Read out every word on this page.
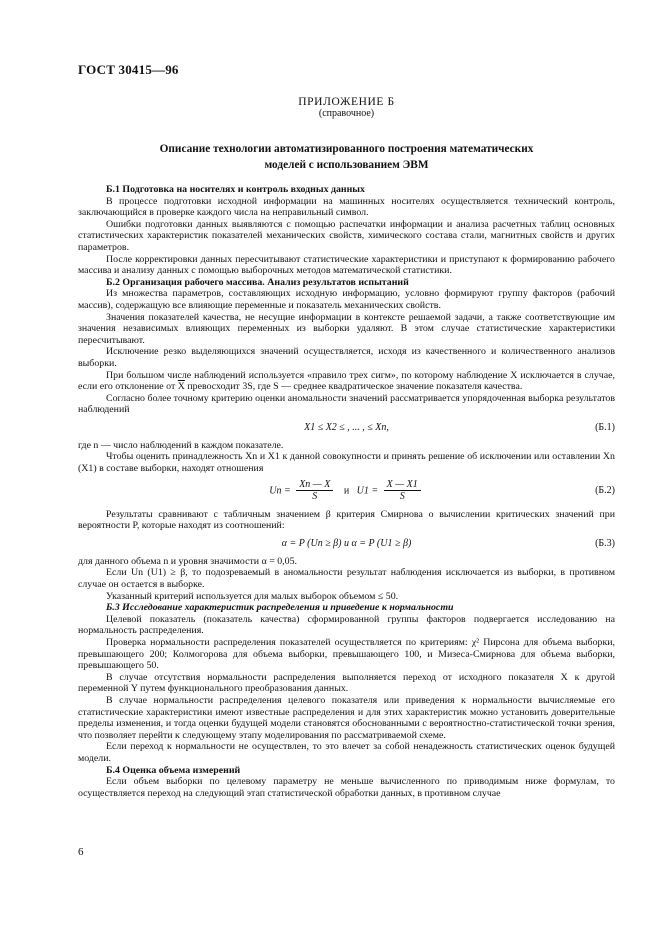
ГОСТ 30415—96
ПРИЛОЖЕНИЕ Б
(справочное)
Описание технологии автоматизированного построения математических
моделей с использованием ЭВМ
Б.1 Подготовка на носителях и контроль входных данных

В процессе подготовки исходной информации на машинных носителях осуществляется технический контроль, заключающийся в проверке каждого числа на неправильный символ.

Ошибки подготовки данных выявляются с помощью распечатки информации и анализа расчетных таблиц основных статистических характеристик показателей механических свойств, химического состава стали, магнитных свойств и других параметров.

После корректировки данных пересчитывают статистические характеристики и приступают к формированию рабочего массива и анализу данных с помощью выборочных методов математической статистики.

Б.2 Организация рабочего массива. Анализ результатов испытаний

Из множества параметров, составляющих исходную информацию, условно формируют группу факторов (рабочий массив), содержащую все влияющие переменные и показатель механических свойств.

Значения показателей качества, не несущие информации в контексте решаемой задачи, а также соответствующие им значения независимых влияющих переменных из выборки удаляют. В этом случае статистические характеристики пересчитывают.

Исключение резко выделяющихся значений осуществляется, исходя из качественного и количественного анализов выборки.

При большом числе наблюдений используется «правило трех сигм», по которому наблюдение X исключается в случае, если его отклонение от $\overline{X}$ превосходит 3S, где S — среднее квадратическое значение показателя качества.

Согласно более точному критерию оценки аномальности значений рассматривается упорядоченная выборка результатов наблюдений

X1 ≤ X2 ≤ , ... , ≤ Xn,	(Б.1)

где n — число наблюдений в каждом показателе.

Чтобы оценить принадлежность Xn и X1 к данной совокупности и принять решение об исключении или оставлении Xn (X1) в составе выборки, находят отношения

$Un = \frac{Xn — X}{S}$ и $U1 = \frac{X — X1}{S}$	(Б.2)

Результаты сравнивают с табличным значением β критерия Смирнова о вычислении критических значений при вероятности P, которые находят из соотношений:

α = P (Un ≥ β) и α = P (U1 ≥ β)	(Б.3)

для данного объема n и уровня значимости α = 0,05.

Если Un (U1) ≥ β, то подозреваемый в аномальности результат наблюдения исключается из выборки, в противном случае он остается в выборке.

Указанный критерий используется для малых выборок объемом ≤ 50.

Б.3 Исследование характеристик распределения и приведение к нормальности

Целевой показатель (показатель качества) сформированной группы факторов подвергается исследованию на нормальность распределения.

Проверка нормальности распределения показателей осуществляется по критериям: χ² Пирсона для объема выборки, превышающего 200; Колмогорова для объема выборки, превышающего 100, и Мизеса-Смирнова для объема выборки, превышающего 50.

В случае отсутствия нормальности распределения выполняется переход от исходного показателя X к другой переменной Y путем функционального преобразования данных.

В случае нормальности распределения целевого показателя или приведения к нормальности вычисляемые его статистические характеристики имеют известные распределения и для этих характеристик можно установить доверительные пределы изменения, и тогда оценки будущей модели становятся обоснованными с вероятностно-статистической точки зрения, что позволяет перейти к следующему этапу моделирования по рассматриваемой схеме.

Если переход к нормальности не осуществлен, то это влечет за собой ненадежность статистических оценок будущей модели.

Б.4 Оценка объема измерений

Если объем выборки по целевому параметру не меньше вычисленного по приводимым ниже формулам, то осуществляется переход на следующий этап статистической обработки данных, в противном случае

6
